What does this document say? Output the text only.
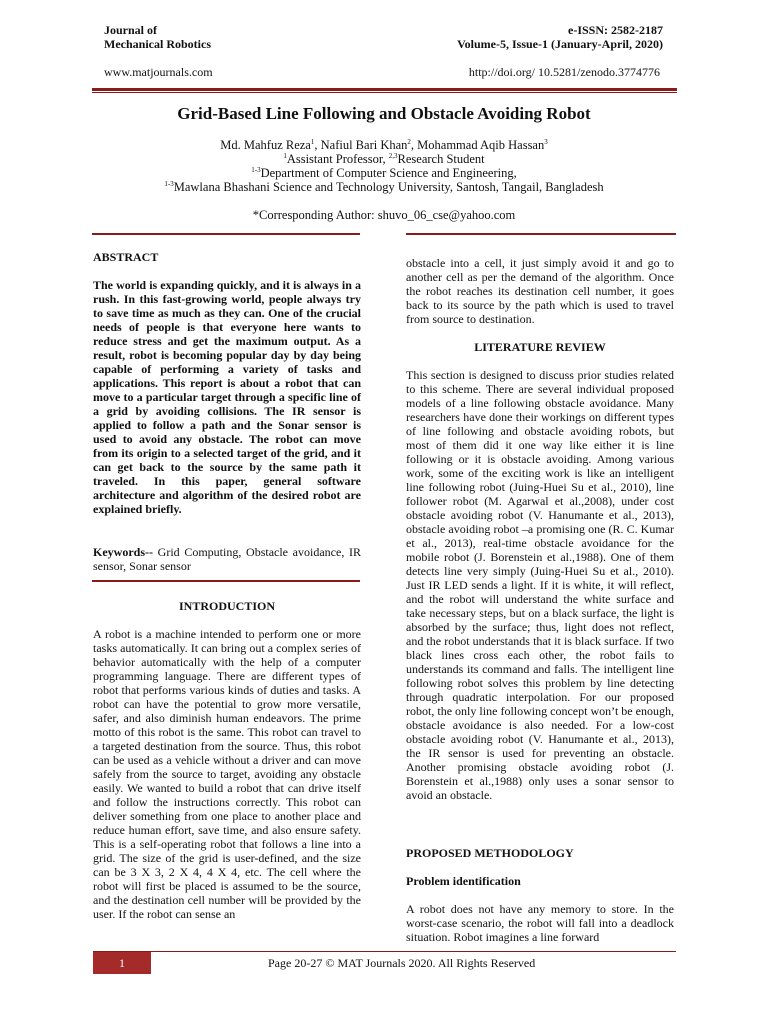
Journal of
Mechanical Robotics
e-ISSN: 2582-2187
Volume-5, Issue-1 (January-April, 2020)
www.matjournals.com	http://doi.org/ 10.5281/zenodo.3774776
Grid-Based Line Following and Obstacle Avoiding Robot
Md. Mahfuz Reza$^1$, Nafiul Bari Khan$^2$, Mohammad Aqib Hassan$^3$
$^1$Assistant Professor, $^{2,3}$Research Student
$^{1-3}$Department of Computer Science and Engineering,
$^{1-3}$Mawlana Bhashani Science and Technology University, Santosh, Tangail, Bangladesh
*Corresponding Author: shuvo_06_cse@yahoo.com
ABSTRACT
The world is expanding quickly, and it is always in a rush. In this fast-growing world, people always try to save time as much as they can. One of the crucial needs of people is that everyone here wants to reduce stress and get the maximum output. As a result, robot is becoming popular day by day being capable of performing a variety of tasks and applications. This report is about a robot that can move to a particular target through a specific line of a grid by avoiding collisions. The IR sensor is applied to follow a path and the Sonar sensor is used to avoid any obstacle. The robot can move from its origin to a selected target of the grid, and it can get back to the source by the same path it traveled. In this paper, general software architecture and algorithm of the desired robot are explained briefly.
Keywords-- Grid Computing, Obstacle avoidance, IR sensor, Sonar sensor
INTRODUCTION
A robot is a machine intended to perform one or more tasks automatically. It can bring out a complex series of behavior automatically with the help of a computer programming language. There are different types of robot that performs various kinds of duties and tasks. A robot can have the potential to grow more versatile, safer, and also diminish human endeavors. The prime motto of this robot is the same. This robot can travel to a targeted destination from the source. Thus, this robot can be used as a vehicle without a driver and can move safely from the source to target, avoiding any obstacle easily. We wanted to build a robot that can drive itself and follow the instructions correctly. This robot can deliver something from one place to another place and reduce human effort, save time, and also ensure safety. This is a self-operating robot that follows a line into a grid. The size of the grid is user-defined, and the size can be 3 X 3, 2 X 4, 4 X 4, etc. The cell where the robot will first be placed is assumed to be the source, and the destination cell number will be provided by the user. If the robot can sense an
obstacle into a cell, it just simply avoid it and go to another cell as per the demand of the algorithm. Once the robot reaches its destination cell number, it goes back to its source by the path which is used to travel from source to destination.
LITERATURE REVIEW
This section is designed to discuss prior studies related to this scheme. There are several individual proposed models of a line following obstacle avoidance. Many researchers have done their workings on different types of line following and obstacle avoiding robots, but most of them did it one way like either it is line following or it is obstacle avoiding. Among various work, some of the exciting work is like an intelligent line following robot (Juing-Huei Su et al., 2010), line follower robot (M. Agarwal et al.,2008), under cost obstacle avoiding robot (V. Hanumante et al., 2013), obstacle avoiding robot –a promising one (R. C. Kumar et al., 2013), real-time obstacle avoidance for the mobile robot (J. Borenstein et al.,1988). One of them detects line very simply (Juing-Huei Su et al., 2010). Just IR LED sends a light. If it is white, it will reflect, and the robot will understand the white surface and take necessary steps, but on a black surface, the light is absorbed by the surface; thus, light does not reflect, and the robot understands that it is black surface. If two black lines cross each other, the robot fails to understands its command and falls. The intelligent line following robot solves this problem by line detecting through quadratic interpolation. For our proposed robot, the only line following concept won’t be enough, obstacle avoidance is also needed. For a low-cost obstacle avoiding robot (V. Hanumante et al., 2013), the IR sensor is used for preventing an obstacle. Another promising obstacle avoiding robot (J. Borenstein et al.,1988) only uses a sonar sensor to avoid an obstacle.
PROPOSED METHODOLOGY
Problem identification
A robot does not have any memory to store. In the worst-case scenario, the robot will fall into a deadlock situation. Robot imagines a line forward
1	Page 20-27 © MAT Journals 2020. All Rights Reserved
